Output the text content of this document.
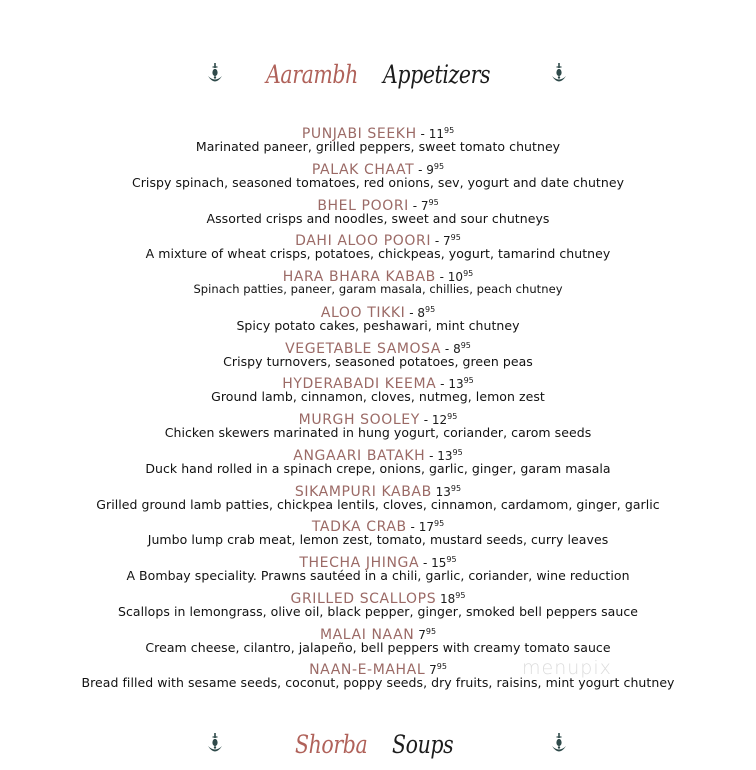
Aarambh Appetizers
PUNJABI SEEKH - $11^{95}$
Marinated paneer, grilled peppers, sweet tomato chutney
PALAK CHAAT - $9^{95}$
Crispy spinach, seasoned tomatoes, red onions, sev, yogurt and date chutney
BHEL POORI - $7^{95}$
Assorted crisps and noodles, sweet and sour chutneys
DAHI ALOO POORI - $7^{95}$
A mixture of wheat crisps, potatoes, chickpeas, yogurt, tamarind chutney
HARA BHARA KABAB - $10^{95}$
Spinach patties, paneer, garam masala, chillies, peach chutney
ALOO TIKKI - $8^{95}$
Spicy potato cakes, peshawari, mint chutney
VEGETABLE SAMOSA - $8^{95}$
Crispy turnovers, seasoned potatoes, green peas
HYDERABADI KEEMA - $13^{95}$
Ground lamb, cinnamon, cloves, nutmeg, lemon zest
MURGH SOOLEY - $12^{95}$
Chicken skewers marinated in hung yogurt, coriander, carom seeds
ANGAARI BATAKH - $13^{95}$
Duck hand rolled in a spinach crepe, onions, garlic, ginger, garam masala
SIKAMPURI KABAB $13^{95}$
Grilled ground lamb patties, chickpea lentils, cloves, cinnamon, cardamom, ginger, garlic
TADKA CRAB - $17^{95}$
Jumbo lump crab meat, lemon zest, tomato, mustard seeds, curry leaves
THECHA JHINGA - $15^{95}$
A Bombay speciality. Prawns sautéed in a chili, garlic, coriander, wine reduction
GRILLED SCALLOPS $18^{95}$
Scallops in lemongrass, olive oil, black pepper, ginger, smoked bell peppers sauce
MALAI NAAN $7^{95}$
Cream cheese, cilantro, jalapeño, bell peppers with creamy tomato sauce
NAAN-E-MAHAL $7^{95}$
Bread filled with sesame seeds, coconut, poppy seeds, dry fruits, raisins, mint yogurt chutney
menupix
Shorba Soups
